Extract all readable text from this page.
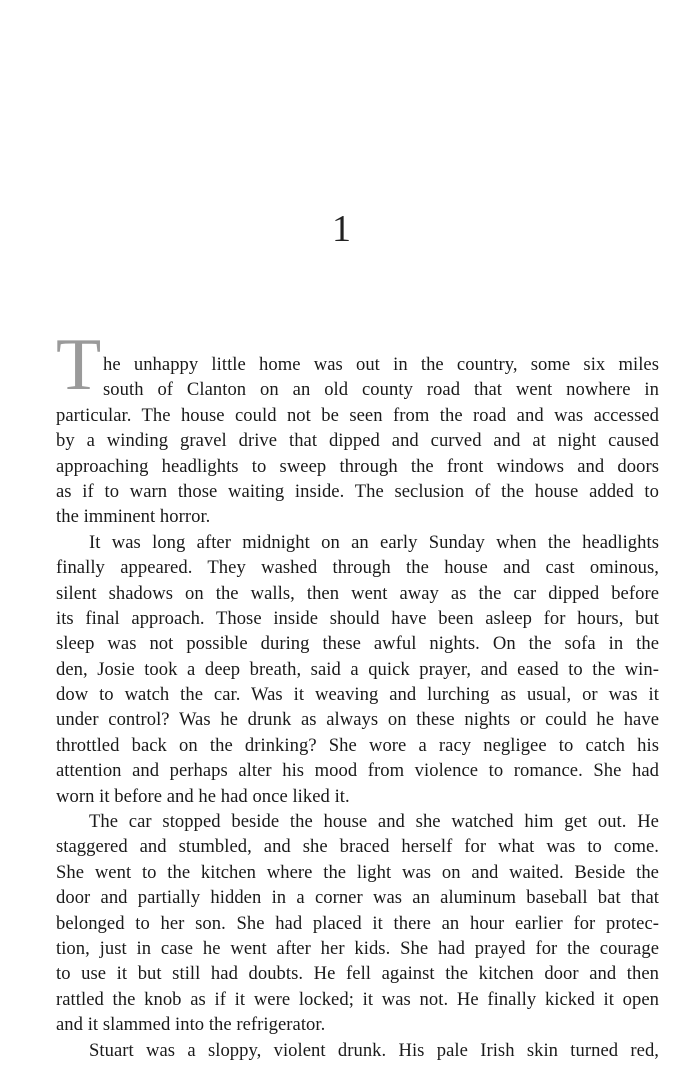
1
T he unhappy little home was out in the country, some six miles
south of Clanton on an old county road that went nowhere in
particular. The house could not be seen from the road and was accessed
by a winding gravel drive that dipped and curved and at night caused
approaching headlights to sweep through the front windows and doors
as if to warn those waiting inside. The seclusion of the house added to
the imminent horror.
It was long after midnight on an early Sunday when the headlights
finally appeared. They washed through the house and cast ominous,
silent shadows on the walls, then went away as the car dipped before
its final approach. Those inside should have been asleep for hours, but
sleep was not possible during these awful nights. On the sofa in the
den, Josie took a deep breath, said a quick prayer, and eased to the win-
dow to watch the car. Was it weaving and lurching as usual, or was it
under control? Was he drunk as always on these nights or could he have
throttled back on the drinking? She wore a racy negligee to catch his
attention and perhaps alter his mood from violence to romance. She had
worn it before and he had once liked it.
The car stopped beside the house and she watched him get out. He
staggered and stumbled, and she braced herself for what was to come.
She went to the kitchen where the light was on and waited. Beside the
door and partially hidden in a corner was an aluminum baseball bat that
belonged to her son. She had placed it there an hour earlier for protec-
tion, just in case he went after her kids. She had prayed for the courage
to use it but still had doubts. He fell against the kitchen door and then
rattled the knob as if it were locked; it was not. He finally kicked it open
and it slammed into the refrigerator.
Stuart was a sloppy, violent drunk. His pale Irish skin turned red,
